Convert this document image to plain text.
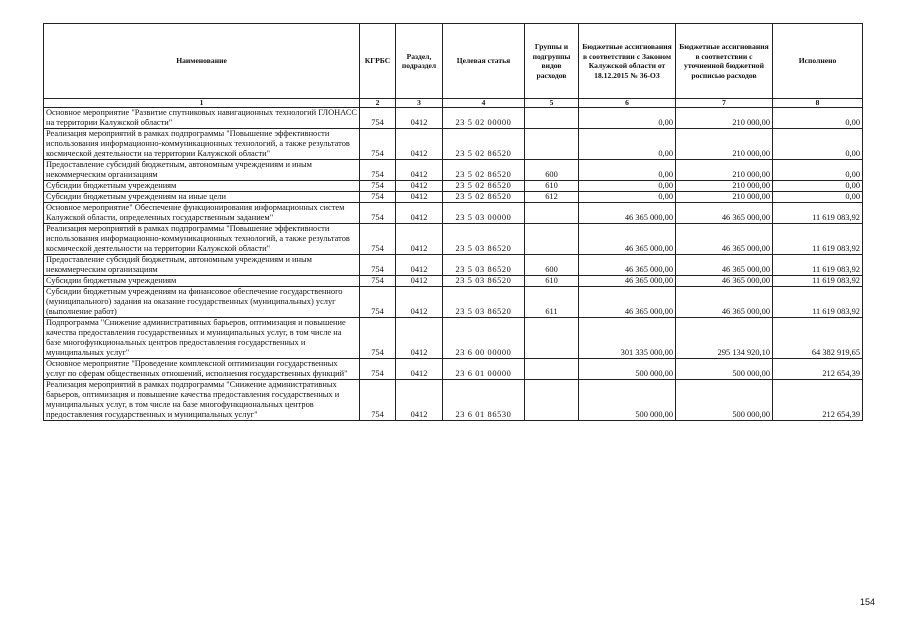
Наименование	КГРБС	Раздел, подраздел	Целевая статья	Группы и подгруппы видов расходов	Бюджетные ассигнования в соответствии с Законом Калужской области от 18.12.2015 № 36-ОЗ	Бюджетные ассигнования в соответствии с уточненной бюджетной росписью расходов	Исполнено
1	2	3	4	5	6	7	8
Основное мероприятие "Развитие спутниковых навигационных технологий ГЛОНАСС на территории Калужской области"	754	0412	23 5 02 00000		0,00	210 000,00	0,00
Реализация мероприятий в рамках подпрограммы "Повышение эффективности использования информационно-коммуникационных технологий, а также результатов космической деятельности на территории Калужской области"	754	0412	23 5 02 86520		0,00	210 000,00	0,00
Предоставление субсидий бюджетным, автономным учреждениям и иным некоммерческим организациям	754	0412	23 5 02 86520	600	0,00	210 000,00	0,00
Субсидии бюджетным учреждениям	754	0412	23 5 02 86520	610	0,00	210 000,00	0,00
Субсидии бюджетным учреждениям на иные цели	754	0412	23 5 02 86520	612	0,00	210 000,00	0,00
Основное мероприятие" Обеспечение функционирования информационных систем Калужской области, определенных государственным заданием"	754	0412	23 5 03 00000		46 365 000,00	46 365 000,00	11 619 083,92
Реализация мероприятий в рамках подпрограммы "Повышение эффективности использования информационно-коммуникационных технологий, а также результатов космической деятельности на территории Калужской области"	754	0412	23 5 03 86520		46 365 000,00	46 365 000,00	11 619 083,92
Предоставление субсидий бюджетным, автономным учреждениям и иным некоммерческим организациям	754	0412	23 5 03 86520	600	46 365 000,00	46 365 000,00	11 619 083,92
Субсидии бюджетным учреждениям	754	0412	23 5 03 86520	610	46 365 000,00	46 365 000,00	11 619 083,92
Субсидии бюджетным учреждениям на финансовое обеспечение государственного (муниципального) задания на оказание государственных (муниципальных) услуг (выполнение работ)	754	0412	23 5 03 86520	611	46 365 000,00	46 365 000,00	11 619 083,92
Подпрограмма "Снижение административных барьеров, оптимизация и повышение качества предоставления государственных и муниципальных услуг, в том числе на базе многофункциональных центров предоставления государственных и муниципальных услуг"	754	0412	23 6 00 00000		301 335 000,00	295 134 920,10	64 382 919,65
Основное мероприятие "Проведение комплексной оптимизации государственных услуг по сферам общественных отношений, исполнения государственных функций"	754	0412	23 6 01 00000		500 000,00	500 000,00	212 654,39
Реализация мероприятий в рамках подпрограммы "Снижение административных барьеров, оптимизация и повышение качества предоставления государственных и муниципальных услуг, в том числе на базе многофункциональных центров предоставления государственных и муниципальных услуг"	754	0412	23 6 01 86530		500 000,00	500 000,00	212 654,39
154
